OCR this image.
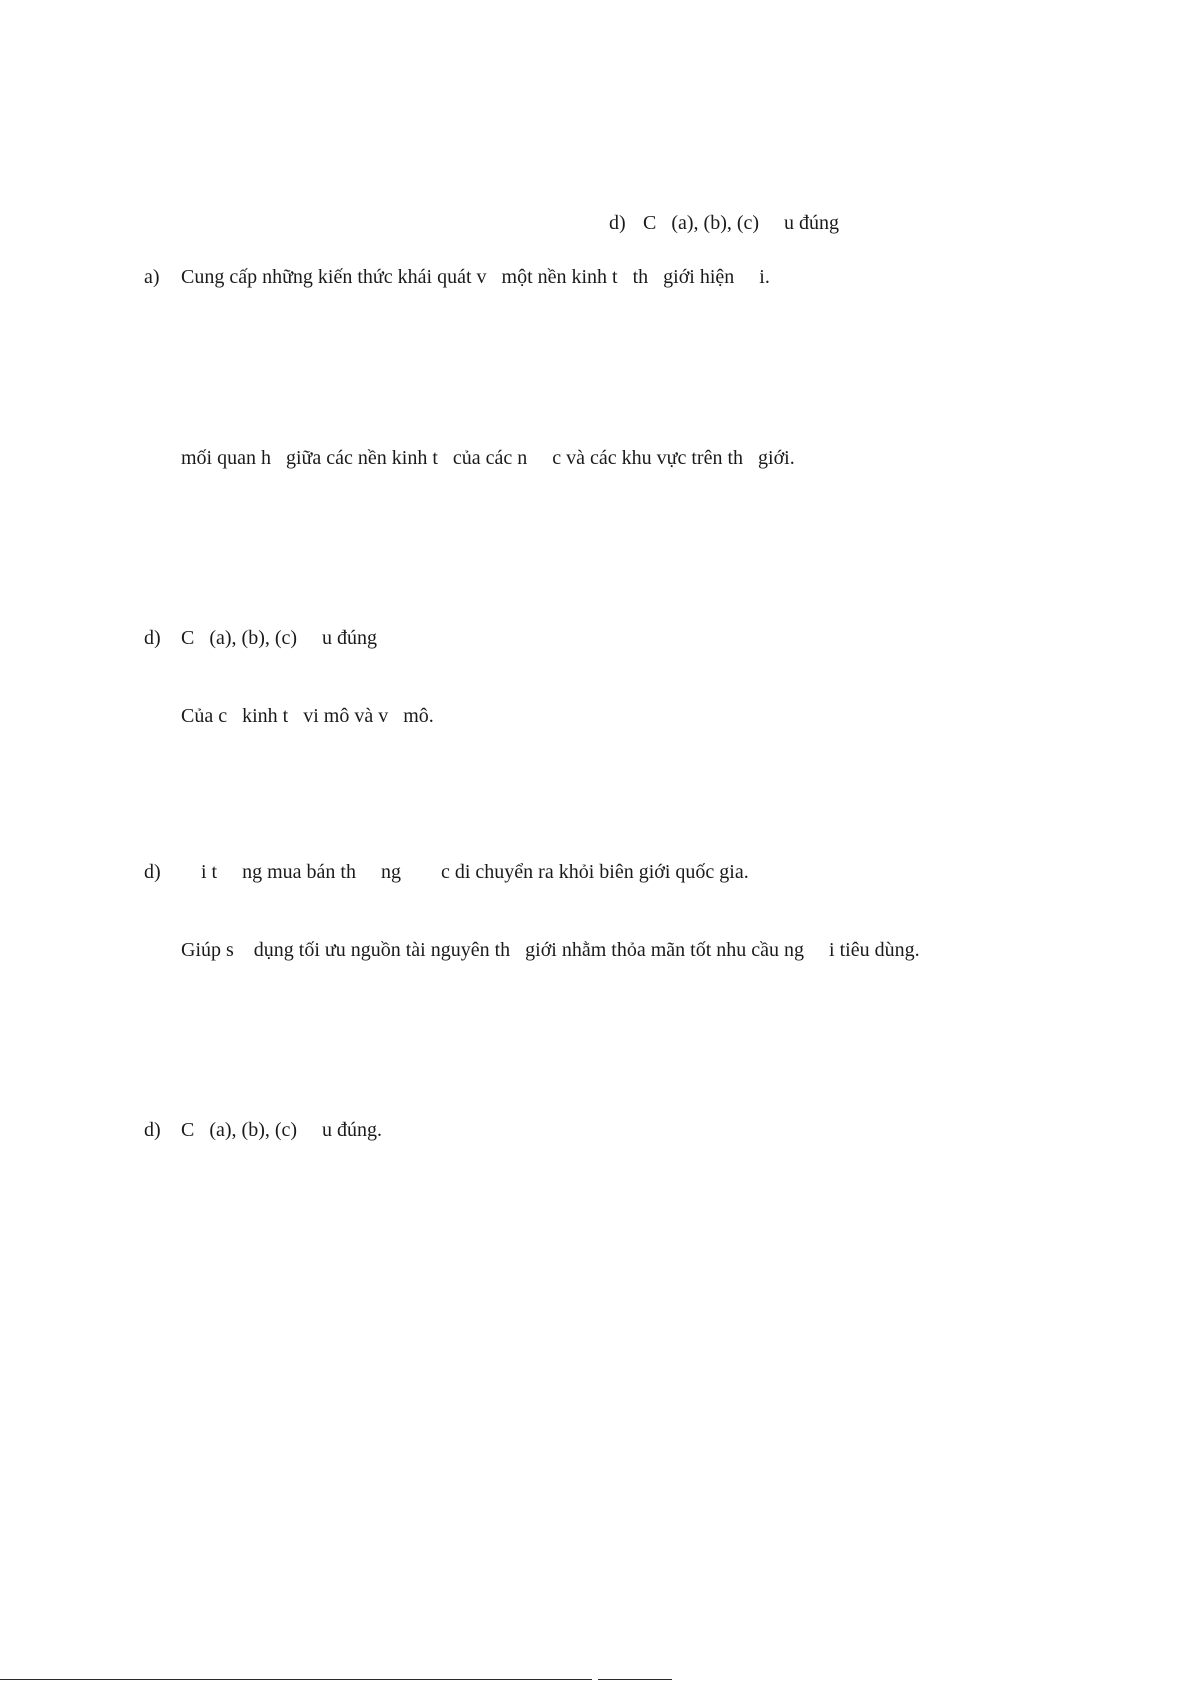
d) C   (a), (b), (c)     u đúng
a) Cung cấp những kiến thức khái quát v   một nền kinh t   th   giới hiện     i.
mối quan h   giữa các nền kinh t   của các n     c và các khu vực trên th   giới.
d) C   (a), (b), (c)     u đúng
Của c   kinh t   vi mô và v   mô.
d) i t     ng mua bán th     ng        c di chuyển ra khỏi biên giới quốc gia.
Giúp s    dụng tối ưu nguồn tài nguyên th   giới nhằm thỏa mãn tốt nhu cầu ng     i tiêu dùng.
d) C   (a), (b), (c)     u đúng.
